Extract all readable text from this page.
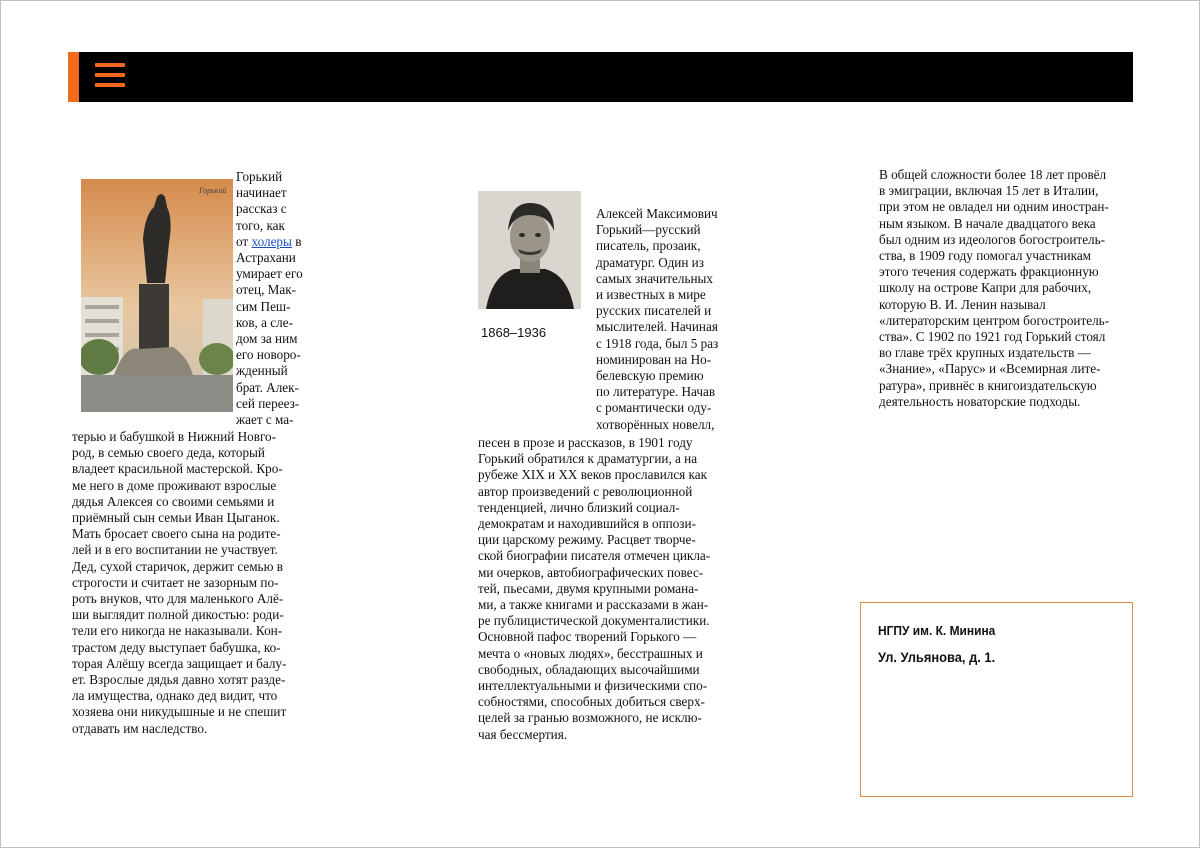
Горький
Горький
начинает
рассказ с
того, как
от холеры в
Астрахани
умирает его
отец, Мак-
сим Пеш-
ков, а сле-
дом за ним
его новоро-
жденный
брат. Алек-
сей переез-
жает с ма-
терью и бабушкой в Нижний Новго-
род, в семью своего деда, который
владеет красильной мастерской. Кро-
ме него в доме проживают взрослые
дядья Алексея со своими семьями и
приёмный сын семьи Иван Цыганок.
Мать бросает своего сына на родите-
лей и в его воспитании не участвует.
Дед, сухой старичок, держит семью в
строгости и считает не зазорным по-
роть внуков, что для маленького Алё-
ши выглядит полной дикостью: роди-
тели его никогда не наказывали. Кон-
трастом деду выступает бабушка, ко-
торая Алёшу всегда защищает и балу-
ет. Взрослые дядья давно хотят разде-
ла имущества, однако дед видит, что
хозяева они никудышные и не спешит
отдавать им наследство.
1868–1936
Алексей Максимович
Горький—русский
писатель, прозаик,
драматург. Один из
самых значительных
и известных в мире
русских писателей и
мыслителей. Начиная
с 1918 года, был 5 раз
номинирован на Но-
белевскую премию
по литературе. Начав
с романтически оду-
хотворённых новелл,
песен в прозе и рассказов, в 1901 году
Горький обратился к драматургии, а на
рубеже XIX и XX веков прославился как
автор произведений с революционной
тенденцией, лично близкий социал-
демократам и находившийся в оппози-
ции царскому режиму. Расцвет творче-
ской биографии писателя отмечен цикла-
ми очерков, автобиографических повес-
тей, пьесами, двумя крупными романа-
ми, а также книгами и рассказами в жан-
ре публицистической документалистики.
Основной пафос творений Горького —
мечта о «новых людях», бесстрашных и
свободных, обладающих высочайшими
интеллектуальными и физическими спо-
собностями, способных добиться сверх-
целей за гранью возможного, не исклю-
чая бессмертия.
В общей сложности более 18 лет провёл
в эмиграции, включая 15 лет в Италии,
при этом не овладел ни одним иностран-
ным языком. В начале двадцатого века
был одним из идеологов богостроитель-
ства, в 1909 году помогал участникам
этого течения содержать фракционную
школу на острове Капри для рабочих,
которую В. И. Ленин называл
«литераторским центром богостроитель-
ства». С 1902 по 1921 год Горький стоял
во главе трёх крупных издательств —
«Знание», «Парус» и «Всемирная лите-
ратура», привнёс в книгоиздательскую
деятельность новаторские подходы.
НГПУ им. К. Минина
Ул. Ульянова, д. 1.
